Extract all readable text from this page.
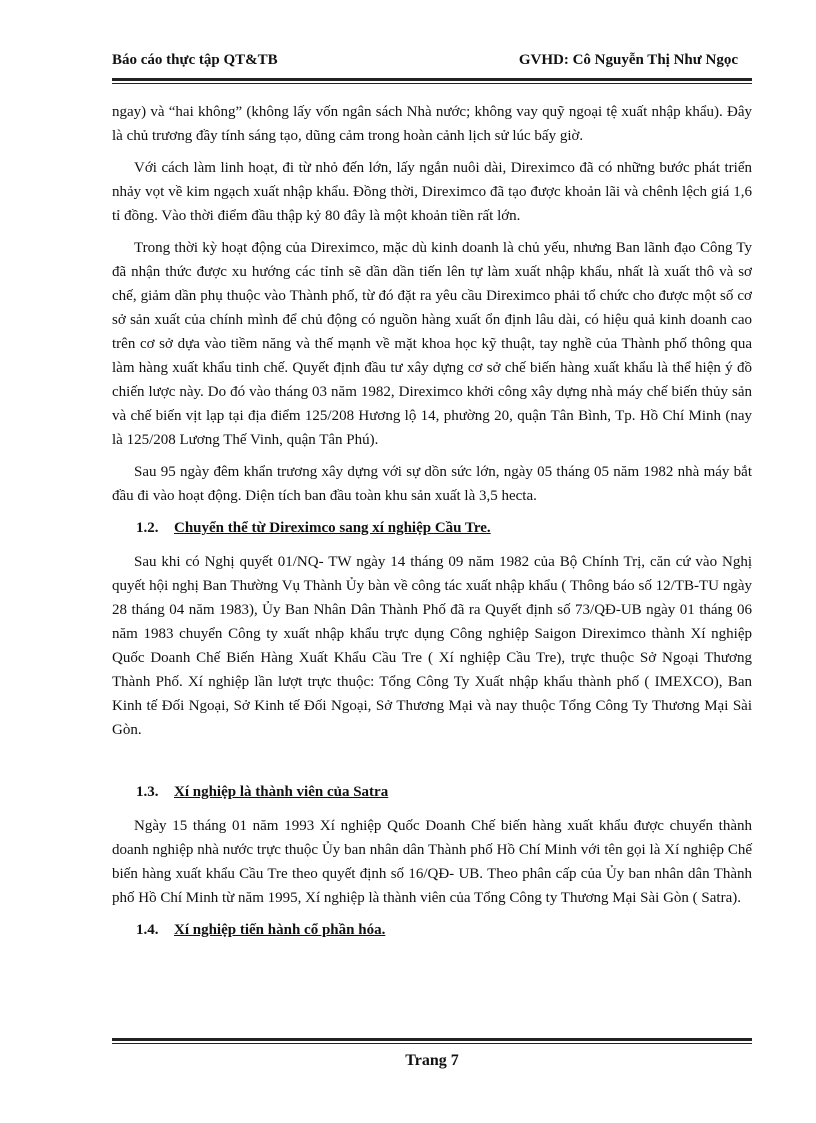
Báo cáo thực tập QT&TB	GVHD: Cô Nguyễn Thị Như Ngọc

ngay) và “hai không” (không lấy vốn ngân sách Nhà nước; không vay quỹ ngoại tệ xuất nhập khẩu). Đây là chủ trương đầy tính sáng tạo, dũng cảm trong hoàn cảnh lịch sử lúc bấy giờ.

Với cách làm linh hoạt, đi từ nhỏ đến lớn, lấy ngắn nuôi dài, Direximco đã có những bước phát triển nhảy vọt về kim ngạch xuất nhập khẩu. Đồng thời, Direximco đã tạo được khoản lãi và chênh lệch giá 1,6 tỉ đồng. Vào thời điểm đầu thập kỷ 80 đây là một khoản tiền rất lớn.

Trong thời kỳ hoạt động của Direximco, mặc dù kinh doanh là chủ yếu, nhưng Ban lãnh đạo Công Ty đã nhận thức được xu hướng các tỉnh sẽ dần dần tiến lên tự làm xuất nhập khẩu, nhất là xuất thô và sơ chế, giảm dần phụ thuộc vào Thành phố, từ đó đặt ra yêu cầu Direximco phải tổ chức cho được một số cơ sở sản xuất của chính mình để chủ động có nguồn hàng xuất ổn định lâu dài, có hiệu quả kinh doanh cao trên cơ sở dựa vào tiềm năng và thế mạnh về mặt khoa học kỹ thuật, tay nghề của Thành phố thông qua làm hàng xuất khẩu tinh chế. Quyết định đầu tư xây dựng cơ sở chế biến hàng xuất khẩu là thể hiện ý đồ chiến lược này. Do đó vào tháng 03 năm 1982, Direximco khởi công xây dựng nhà máy chế biến thủy sản và chế biến vịt lạp tại địa điểm 125/208 Hương lộ 14, phường 20, quận Tân Bình, Tp. Hồ Chí Minh (nay là 125/208 Lương Thế Vinh, quận Tân Phú).

Sau 95 ngày đêm khẩn trương xây dựng với sự dồn sức lớn, ngày 05 tháng 05 năm 1982 nhà máy bắt đầu đi vào hoạt động. Diện tích ban đầu toàn khu sản xuất là 3,5 hecta.

1.2. Chuyển thể từ Direximco sang xí nghiệp Cầu Tre.

Sau khi có Nghị quyết 01/NQ- TW ngày 14 tháng 09 năm 1982 của Bộ Chính Trị, căn cứ vào Nghị quyết hội nghị Ban Thường Vụ Thành Ủy bàn về công tác xuất nhập khẩu ( Thông báo số 12/TB-TU ngày 28 tháng 04 năm 1983), Ủy Ban Nhân Dân Thành Phố đã ra Quyết định số 73/QĐ-UB ngày 01 tháng 06 năm 1983 chuyển Công ty xuất nhập khẩu trực dụng Công nghiệp Saigon Direximco thành Xí nghiệp Quốc Doanh Chế Biến Hàng Xuất Khẩu Cầu Tre ( Xí nghiệp Cầu Tre), trực thuộc Sở Ngoại Thương Thành Phố. Xí nghiệp lần lượt trực thuộc: Tổng Công Ty Xuất nhập khẩu thành phố ( IMEXCO), Ban Kinh tế Đối Ngoại, Sở Kinh tế Đối Ngoại, Sở Thương Mại và nay thuộc Tổng Công Ty Thương Mại Sài Gòn.

1.3. Xí nghiệp là thành viên của Satra

Ngày 15 tháng 01 năm 1993 Xí nghiệp Quốc Doanh Chế biến hàng xuất khẩu được chuyển thành doanh nghiệp nhà nước trực thuộc Ủy ban nhân dân Thành phố Hồ Chí Minh với tên gọi là Xí nghiệp Chế biến hàng xuất khẩu Cầu Tre theo quyết định số 16/QĐ- UB. Theo phân cấp của Ủy ban nhân dân Thành phố Hồ Chí Minh từ năm 1995, Xí nghiệp là thành viên của Tổng Công ty Thương Mại Sài Gòn ( Satra).

1.4. Xí nghiệp tiến hành cổ phần hóa.
Trang 7
